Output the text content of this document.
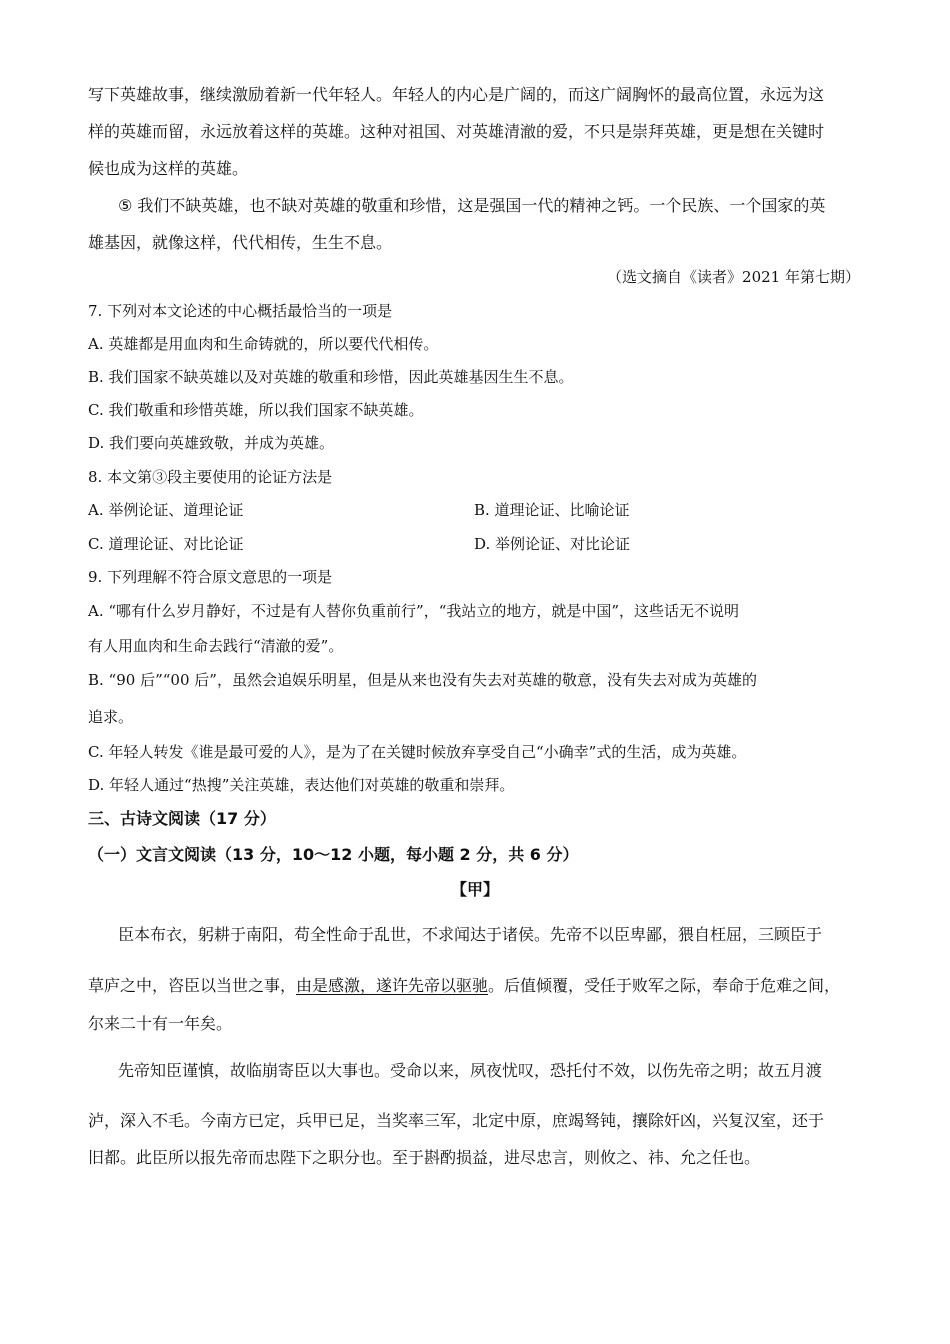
写下英雄故事，继续激励着新一代年轻人。年轻人的内心是广阔的，而这广阔胸怀的最高位置，永远为这
样的英雄而留，永远放着这样的英雄。这种对祖国、对英雄清澈的爱，不只是崇拜英雄，更是想在关键时
候也成为这样的英雄。
⑤ 我们不缺英雄，也不缺对英雄的敬重和珍惜，这是强国一代的精神之钙。一个民族、一个国家的英
雄基因，就像这样，代代相传，生生不息。
（选文摘自《读者》2021 年第七期）
7. 下列对本文论述的中心概括最恰当的一项是
A. 英雄都是用血肉和生命铸就的，所以要代代相传。
B. 我们国家不缺英雄以及对英雄的敬重和珍惜，因此英雄基因生生不息。
C. 我们敬重和珍惜英雄，所以我们国家不缺英雄。
D. 我们要向英雄致敬，并成为英雄。
8. 本文第③段主要使用的论证方法是
A. 举例论证、道理论证	B. 道理论证、比喻论证
C. 道理论证、对比论证	D. 举例论证、对比论证
9. 下列理解不符合原文意思的一项是
A. “哪有什么岁月静好，不过是有人替你负重前行”，“我站立的地方，就是中国”，这些话无不说明
有人用血肉和生命去践行“清澈的爱”。
B. “90 后”“00 后”，虽然会追娱乐明星，但是从来也没有失去对英雄的敬意，没有失去对成为英雄的
追求。
C. 年轻人转发《谁是最可爱的人》，是为了在关键时候放弃享受自己“小确幸”式的生活，成为英雄。
D. 年轻人通过“热搜”关注英雄，表达他们对英雄的敬重和崇拜。
三、古诗文阅读（17 分）
（一）文言文阅读（13 分，10～12 小题，每小题 2 分，共 6 分）
【甲】
臣本布衣，躬耕于南阳，苟全性命于乱世，不求闻达于诸侯。先帝不以臣卑鄙，猥自枉屈，三顾臣于
草庐之中，咨臣以当世之事，由是感激，遂许先帝以驱驰。后值倾覆，受任于败军之际，奉命于危难之间，
尔来二十有一年矣。
先帝知臣谨慎，故临崩寄臣以大事也。受命以来，夙夜忧叹，恐托付不效，以伤先帝之明；故五月渡
泸，深入不毛。今南方已定，兵甲已足，当奖率三军，北定中原，庶竭驽钝，攘除奸凶，兴复汉室，还于
旧都。此臣所以报先帝而忠陛下之职分也。至于斟酌损益，进尽忠言，则攸之、祎、允之任也。
